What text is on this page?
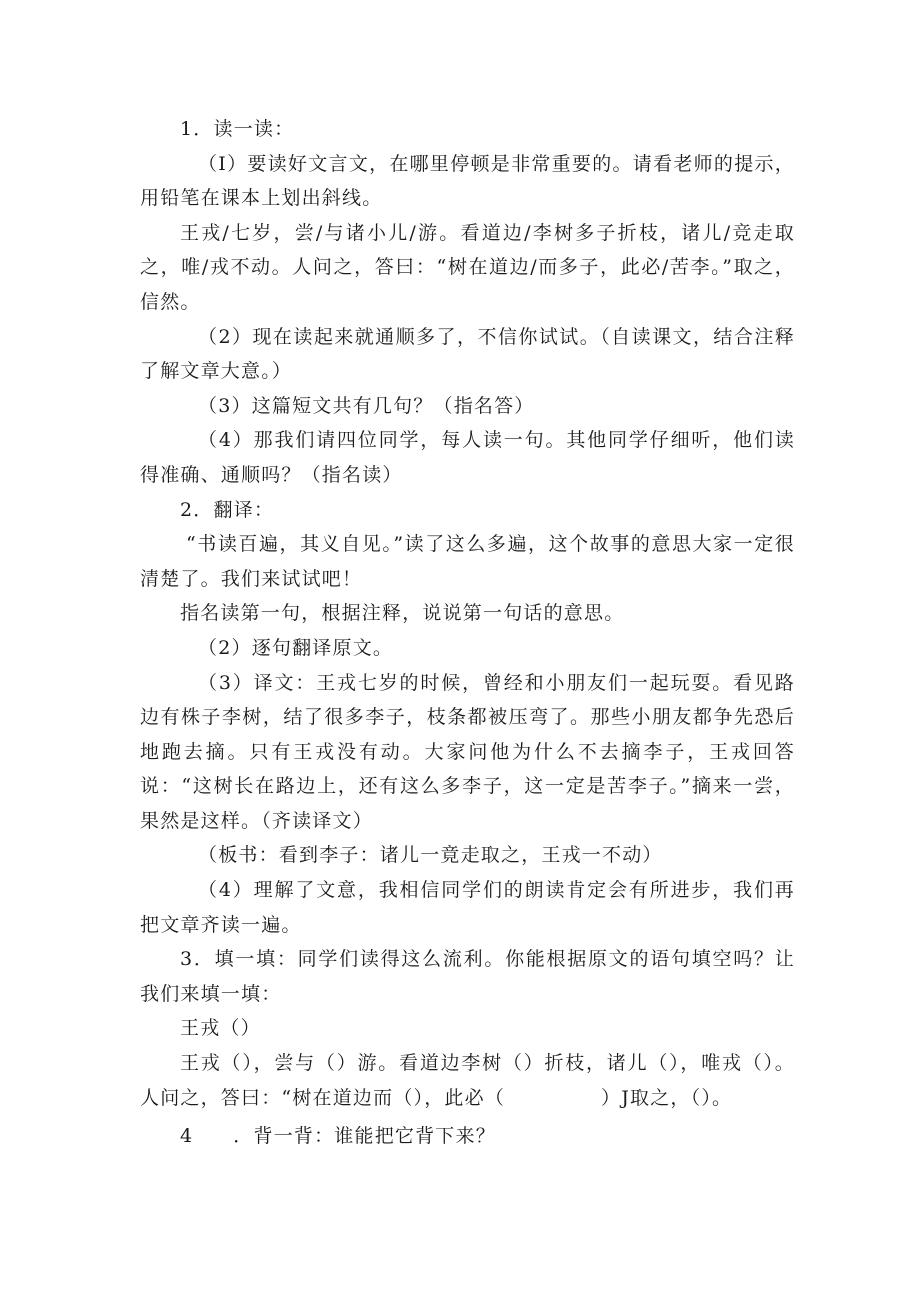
1．读一读：

（I）要读好文言文，在哪里停顿是非常重要的。请看老师的提示，用铅笔在课本上划出斜线。

王戎/七岁，尝/与诸小儿/游。看道边/李树多子折枝，诸儿/竞走取之，唯/戎不动。人问之，答曰：“树在道边/而多子，此必/苦李。”取之，信然。

（2）现在读起来就通顺多了，不信你试试。（自读课文，结合注释了解文章大意。）

（3）这篇短文共有几句？（指名答）

（4）那我们请四位同学，每人读一句。其他同学仔细听，他们读得准确、通顺吗？（指名读）

2．翻译：

“书读百遍，其义自见。”读了这么多遍，这个故事的意思大家一定很清楚了。我们来试试吧！

指名读第一句，根据注释，说说第一句话的意思。

（2）逐句翻译原文。

（3）译文：王戎七岁的时候，曾经和小朋友们一起玩耍。看见路边有株子李树，结了很多李子，枝条都被压弯了。那些小朋友都争先恐后地跑去摘。只有王戎没有动。大家问他为什么不去摘李子，王戎回答说：“这树长在路边上，还有这么多李子，这一定是苦李子。”摘来一尝，果然是这样。（齐读译文）

（板书：看到李子：诸儿一竟走取之，王戎一不动）

（4）理解了文意，我相信同学们的朗读肯定会有所进步，我们再把文章齐读一遍。

3．填一填：同学们读得这么流利。你能根据原文的语句填空吗？让我们来填一填：

王戎（）

王戎（），尝与（）游。看道边李树（）折枝，诸儿（），唯戎（）。人问之，答曰：“树在道边而（），此必（	）J取之，（）。

4 ．背一背：谁能把它背下来？
